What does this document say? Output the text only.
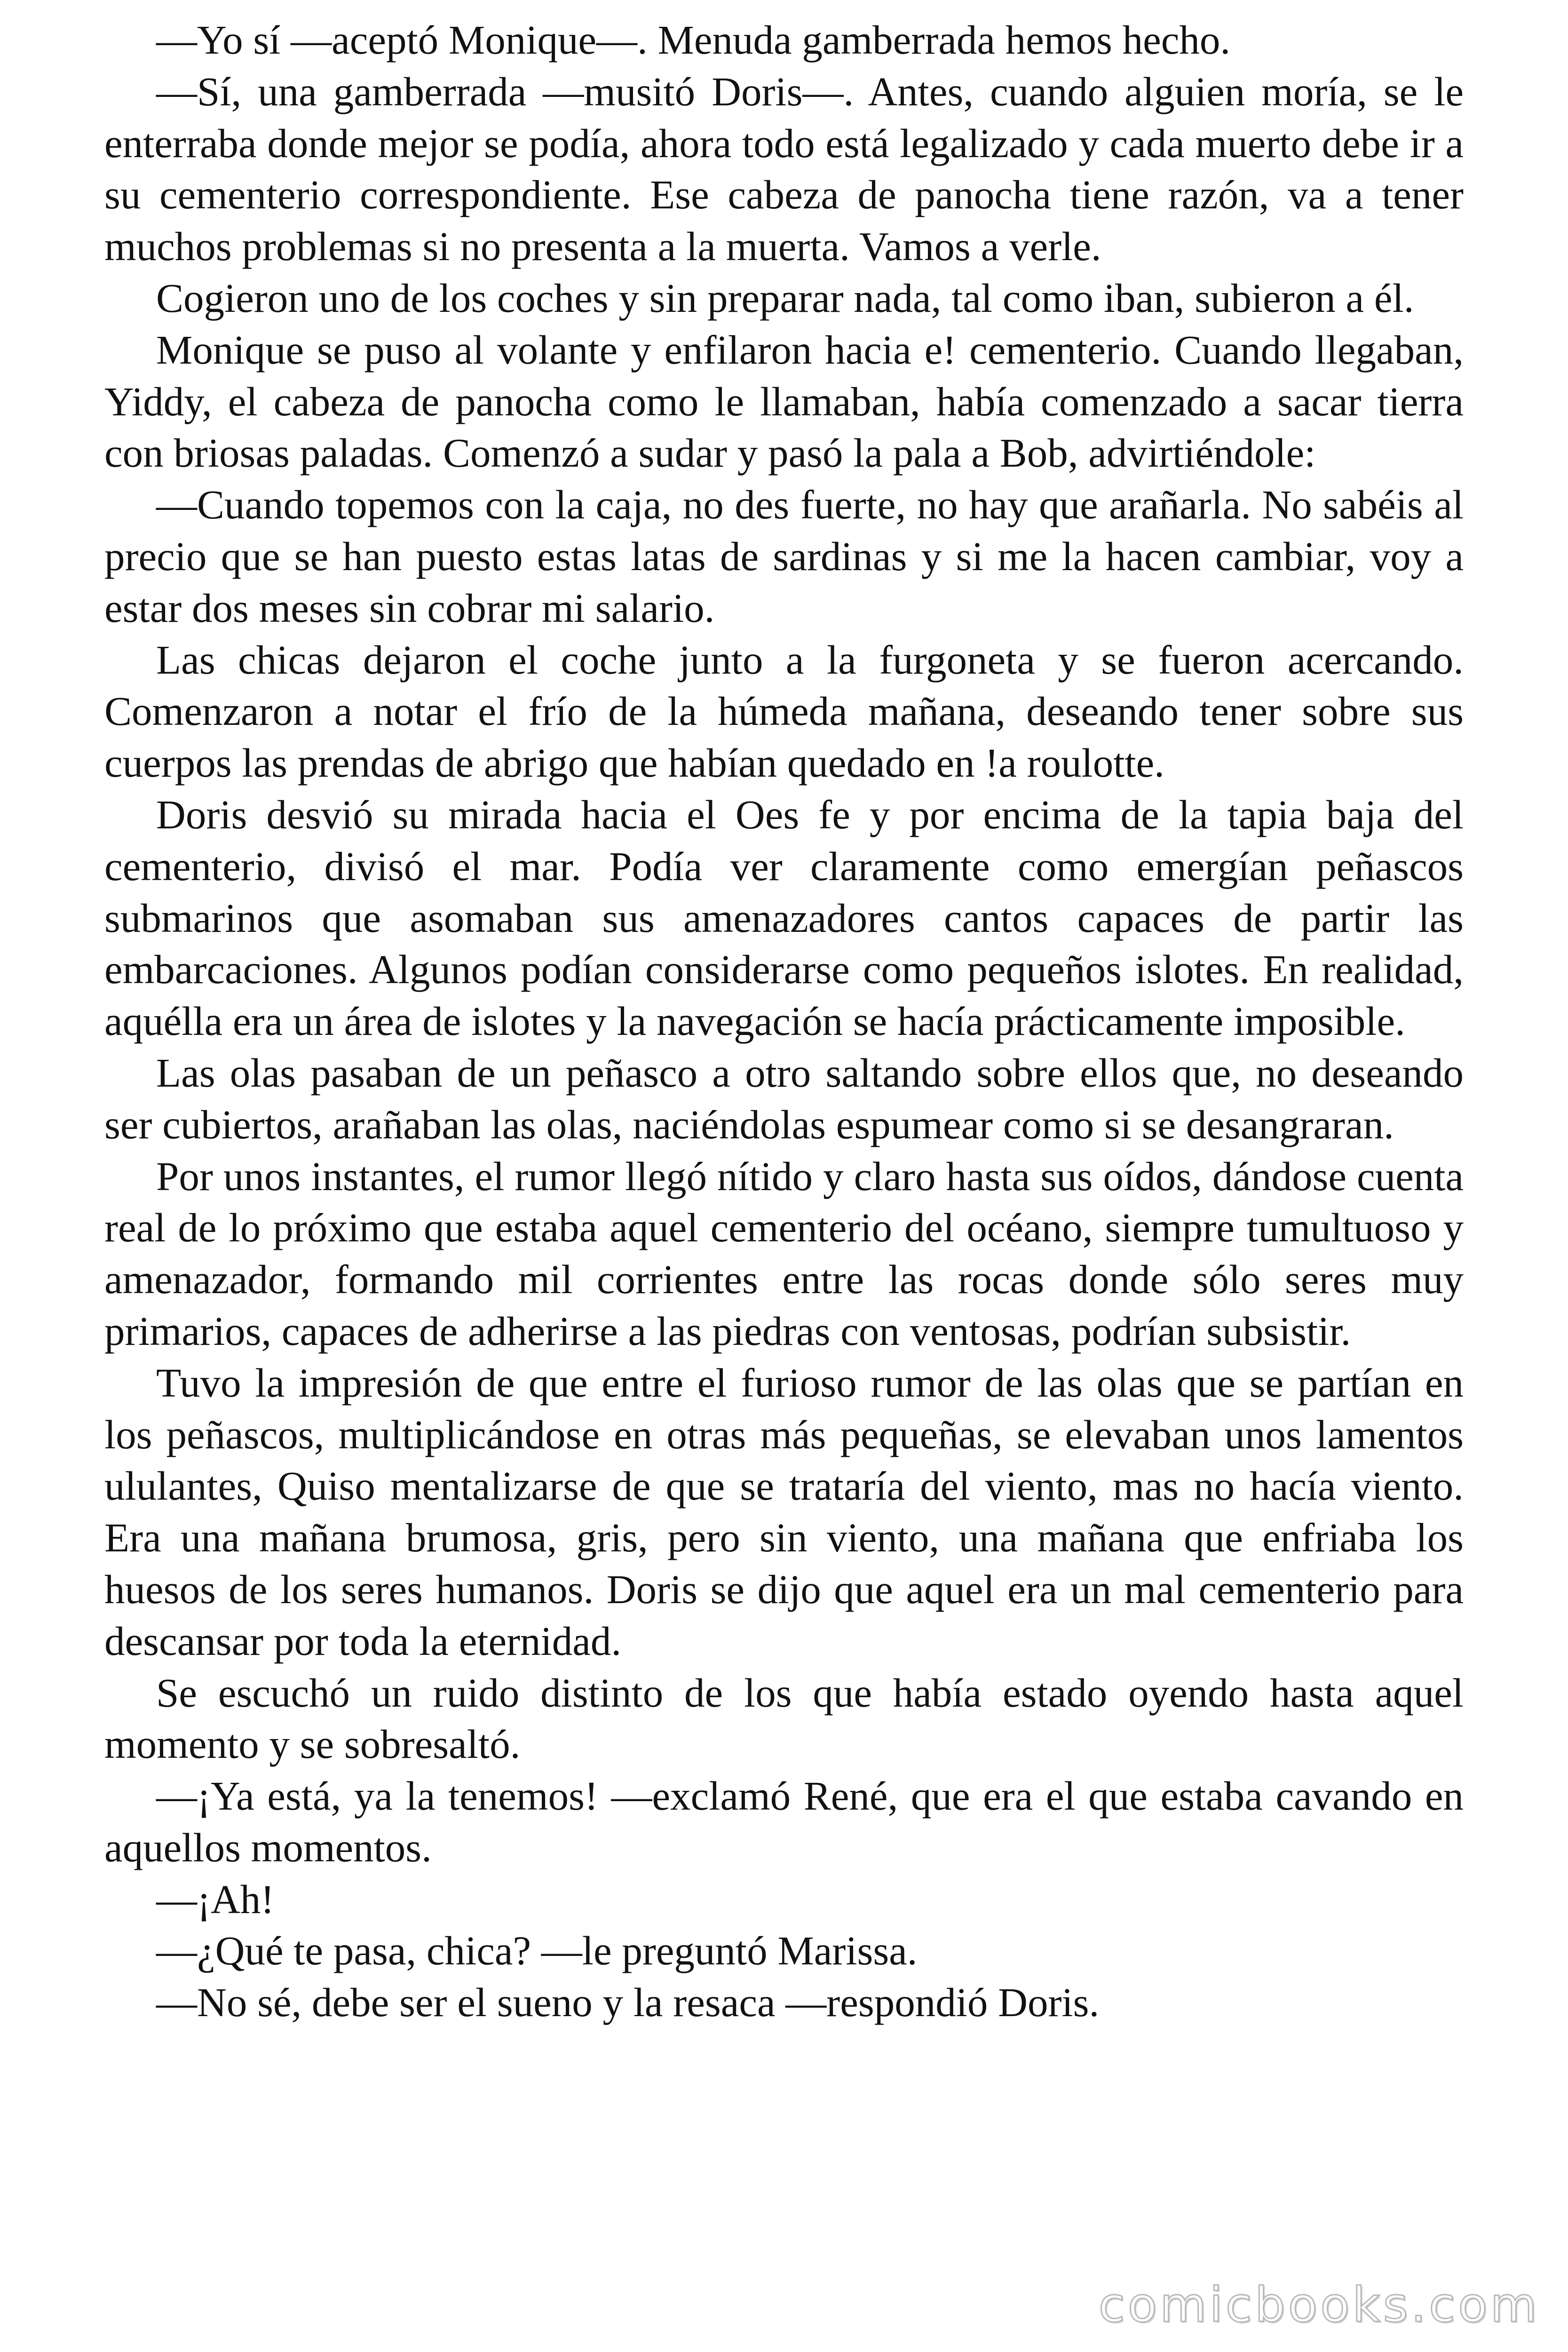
—Yo sí —aceptó Monique—. Menuda gamberrada hemos hecho.

—Sí, una gamberrada —musitó Doris—. Antes, cuando alguien moría, se le enterraba donde mejor se podía, ahora todo está legalizado y cada muerto debe ir a su cementerio correspondiente. Ese cabeza de panocha tiene razón, va a tener muchos problemas si no presenta a la muerta. Vamos a verle.

Cogieron uno de los coches y sin preparar nada, tal como iban, subieron a él.

Monique se puso al volante y enfilaron hacia e! cementerio. Cuando llegaban, Yiddy, el cabeza de panocha como le llamaban, había comenzado a sacar tierra con briosas paladas. Comenzó a sudar y pasó la pala a Bob, advirtiéndole:

—Cuando topemos con la caja, no des fuerte, no hay que arañarla. No sabéis al precio que se han puesto estas latas de sardinas y si me la hacen cambiar, voy a estar dos meses sin cobrar mi salario.

Las chicas dejaron el coche junto a la furgoneta y se fueron acercando. Comenzaron a notar el frío de la húmeda mañana, deseando tener sobre sus cuerpos las prendas de abrigo que habían quedado en !a roulotte.

Doris desvió su mirada hacia el Oes fe y por encima de la tapia baja del cementerio, divisó el mar. Podía ver claramente como emergían peñascos submarinos que asomaban sus amenazadores cantos capaces de partir las embarcaciones. Algunos podían considerarse como pequeños islotes. En realidad, aquélla era un área de islotes y la navegación se hacía prácticamente imposible.

Las olas pasaban de un peñasco a otro saltando sobre ellos que, no deseando ser cubiertos, arañaban las olas, naciéndolas espumear como si se desangraran.

Por unos instantes, el rumor llegó nítido y claro hasta sus oídos, dándose cuenta real de lo próximo que estaba aquel cementerio del océano, siempre tumultuoso y amenazador, formando mil corrientes entre las rocas donde sólo seres muy primarios, capaces de adherirse a las piedras con ventosas, podrían subsistir.

Tuvo la impresión de que entre el furioso rumor de las olas que se partían en los peñascos, multiplicándose en otras más pequeñas, se elevaban unos lamentos ululantes, Quiso mentalizarse de que se trataría del viento, mas no hacía viento. Era una mañana brumosa, gris, pero sin viento, una mañana que enfriaba los huesos de los seres humanos. Doris se dijo que aquel era un mal cementerio para descansar por toda la eternidad.

Se escuchó un ruido distinto de los que había estado oyendo hasta aquel momento y se sobresaltó.

—¡Ya está, ya la tenemos! —exclamó René, que era el que estaba cavando en aquellos momentos.

—¡Ah!

—¿Qué te pasa, chica? —le preguntó Marissa.

—No sé, debe ser el sueno y la resaca —respondió Doris.

comicbooks.com
